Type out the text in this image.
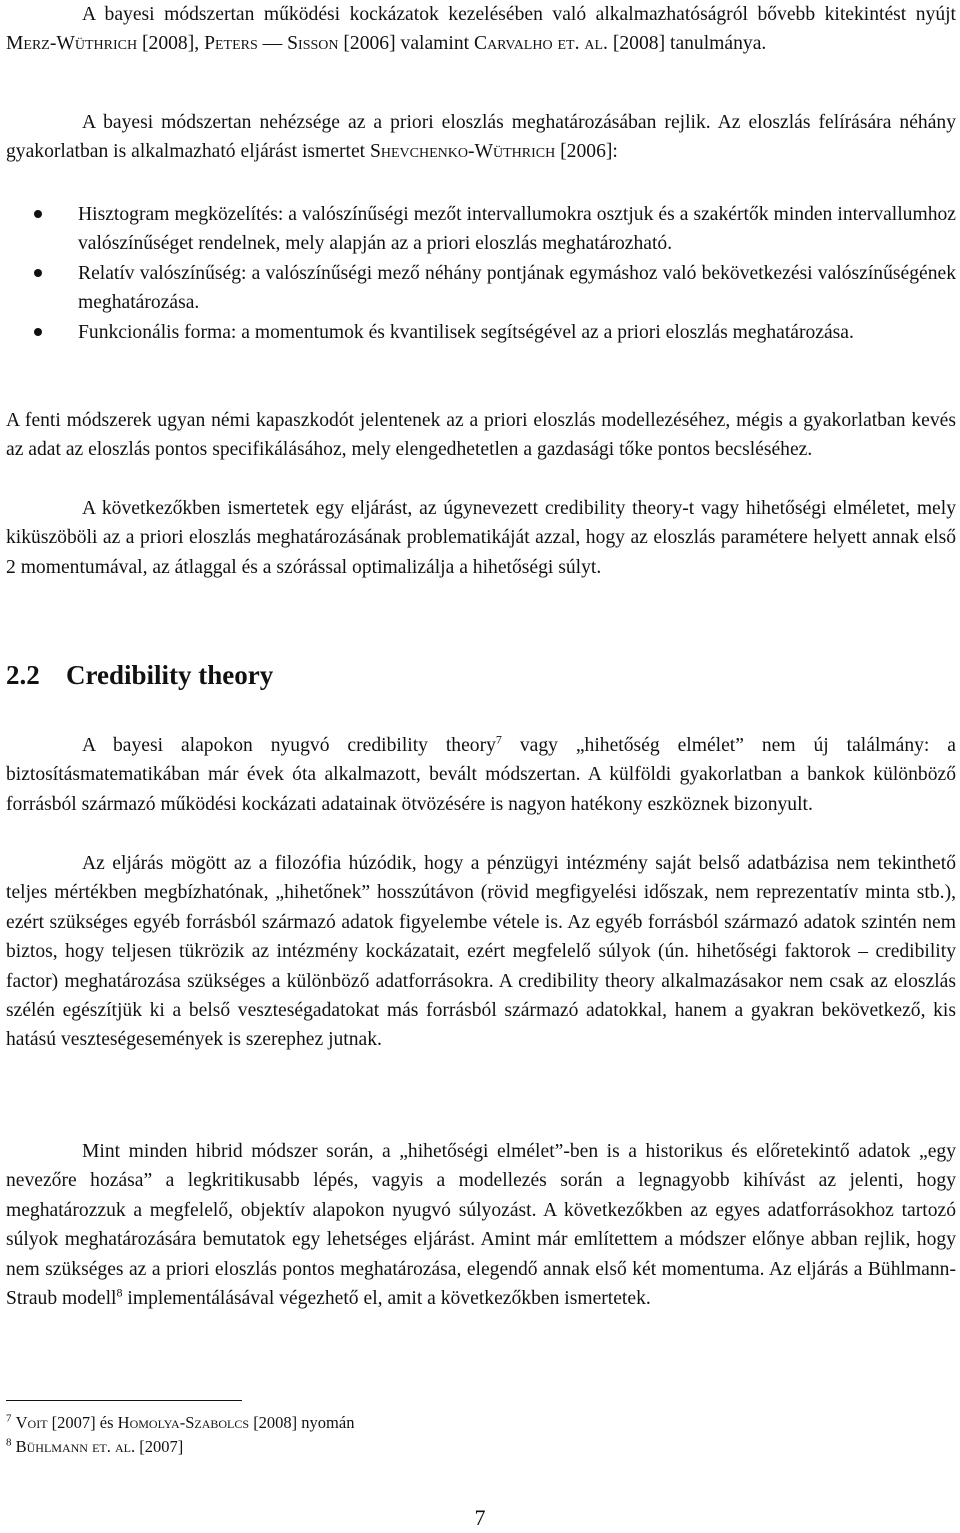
A bayesi módszertan működési kockázatok kezelésében való alkalmazhatóságról bővebb kitekintést nyújt Merz-Wüthrich [2008], Peters — Sisson [2006] valamint Carvalho et. al. [2008] tanulmánya.

A bayesi módszertan nehézsége az a priori eloszlás meghatározásában rejlik. Az eloszlás felírására néhány gyakorlatban is alkalmazható eljárást ismertet Shevchenko-Wüthrich [2006]:

Hisztogram megközelítés: a valószínűségi mezőt intervallumokra osztjuk és a szakértők minden intervallumhoz valószínűséget rendelnek, mely alapján az a priori eloszlás meghatározható.
Relatív valószínűség: a valószínűségi mező néhány pontjának egymáshoz való bekövetkezési valószínűségének meghatározása.
Funkcionális forma: a momentumok és kvantilisek segítségével az a priori eloszlás meghatározása.

A fenti módszerek ugyan némi kapaszkodót jelentenek az a priori eloszlás modellezéséhez, mégis a gyakorlatban kevés az adat az eloszlás pontos specifikálásához, mely elengedhetetlen a gazdasági tőke pontos becsléséhez.

A következőkben ismertetek egy eljárást, az úgynevezett credibility theory-t vagy hihetőségi elméletet, mely kiküszöböli az a priori eloszlás meghatározásának problematikáját azzal, hogy az eloszlás paramétere helyett annak első 2 momentumával, az átlaggal és a szórással optimalizálja a hihetőségi súlyt.

A bayesi alapokon nyugvó credibility theory$^7$ vagy „hihetőség elmélet” nem új találmány: a biztosításmatematikában már évek óta alkalmazott, bevált módszertan. A külföldi gyakorlatban a bankok különböző forrásból származó működési kockázati adatainak ötvözésére is nagyon hatékony eszköznek bizonyult.

Az eljárás mögött az a filozófia húzódik, hogy a pénzügyi intézmény saját belső adatbázisa nem tekinthető teljes mértékben megbízhatónak, „hihetőnek” hosszútávon (rövid megfigyelési időszak, nem reprezentatív minta stb.), ezért szükséges egyéb forrásból származó adatok figyelembe vétele is. Az egyéb forrásból származó adatok szintén nem biztos, hogy teljesen tükrözik az intézmény kockázatait, ezért megfelelő súlyok (ún. hihetőségi faktorok – credibility factor) meghatározása szükséges a különböző adatforrásokra. A credibility theory alkalmazásakor nem csak az eloszlás szélén egészítjük ki a belső veszteségadatokat más forrásból származó adatokkal, hanem a gyakran bekövetkező, kis hatású veszteségesemények is szerephez jutnak.

Mint minden hibrid módszer során, a „hihetőségi elmélet”-ben is a historikus és előretekintő adatok „egy nevezőre hozása” a legkritikusabb lépés, vagyis a modellezés során a legnagyobb kihívást az jelenti, hogy meghatározzuk a megfelelő, objektív alapokon nyugvó súlyozást. A következőkben az egyes adatforrásokhoz tartozó súlyok meghatározására bemutatok egy lehetséges eljárást. Amint már említettem a módszer előnye abban rejlik, hogy nem szükséges az a priori eloszlás pontos meghatározása, elegendő annak első két momentuma. Az eljárás a Bühlmann-Straub modell$^8$ implementálásával végezhető el, amit a következőkben ismertetek.

2.2 Credibility theory
$^7$ Voit [2007] és Homolya-Szabolcs [2008] nyomán
$^8$ Bühlmann et. al. [2007]
7
